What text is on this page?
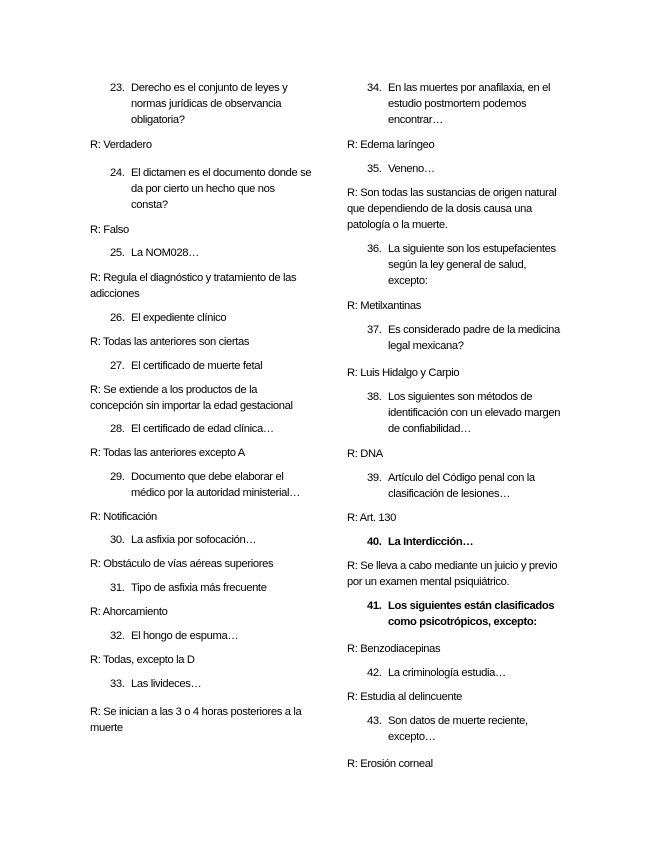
23. Derecho es el conjunto de leyes y normas jurídicas de observancia obligatoria?
R: Verdadero
24. El dictamen es el documento donde se da por cierto un hecho que nos consta?
R: Falso
25. La NOM028…
R: Regula el diagnóstico y tratamiento de las adicciones
26. El expediente clínico
R: Todas las anteriores son ciertas
27. El certificado de muerte fetal
R: Se extiende a los productos de la concepción sin importar la edad gestacional
28. El certificado de edad clínica…
R: Todas las anteriores excepto A
29. Documento que debe elaborar el médico por la autoridad ministerial…
R: Notificación
30. La asfixia por sofocación…
R: Obstáculo de vías aéreas superiores
31. Tipo de asfixia más frecuente
R: Ahorcamiento
32. El hongo de espuma…
R: Todas, excepto la D
33. Las livideces…
R: Se inician a las 3 o 4 horas posteriores a la muerte
34. En las muertes por anafilaxia, en el estudio postmortem podemos encontrar…
R: Edema laríngeo
35. Veneno…
R: Son todas las sustancias de origen natural que dependiendo de la dosis causa una patología o la muerte.
36. La siguiente son los estupefacientes según la ley general de salud, excepto:
R: Metilxantinas
37. Es considerado padre de la medicina legal mexicana?
R: Luis Hidalgo y Carpio
38. Los siguientes son métodos de identificación con un elevado margen de confiabilidad…
R: DNA
39. Artículo del Código penal con la clasificación de lesiones…
R: Art. 130
40. La Interdicción…
R: Se lleva a cabo mediante un juicio y previo por un examen mental psiquiátrico.
41. Los siguientes están clasificados como psicotrópicos, excepto:
R: Benzodiacepinas
42. La criminología estudia…
R: Estudia al delincuente
43. Son datos de muerte reciente, excepto…
R: Erosión corneal
